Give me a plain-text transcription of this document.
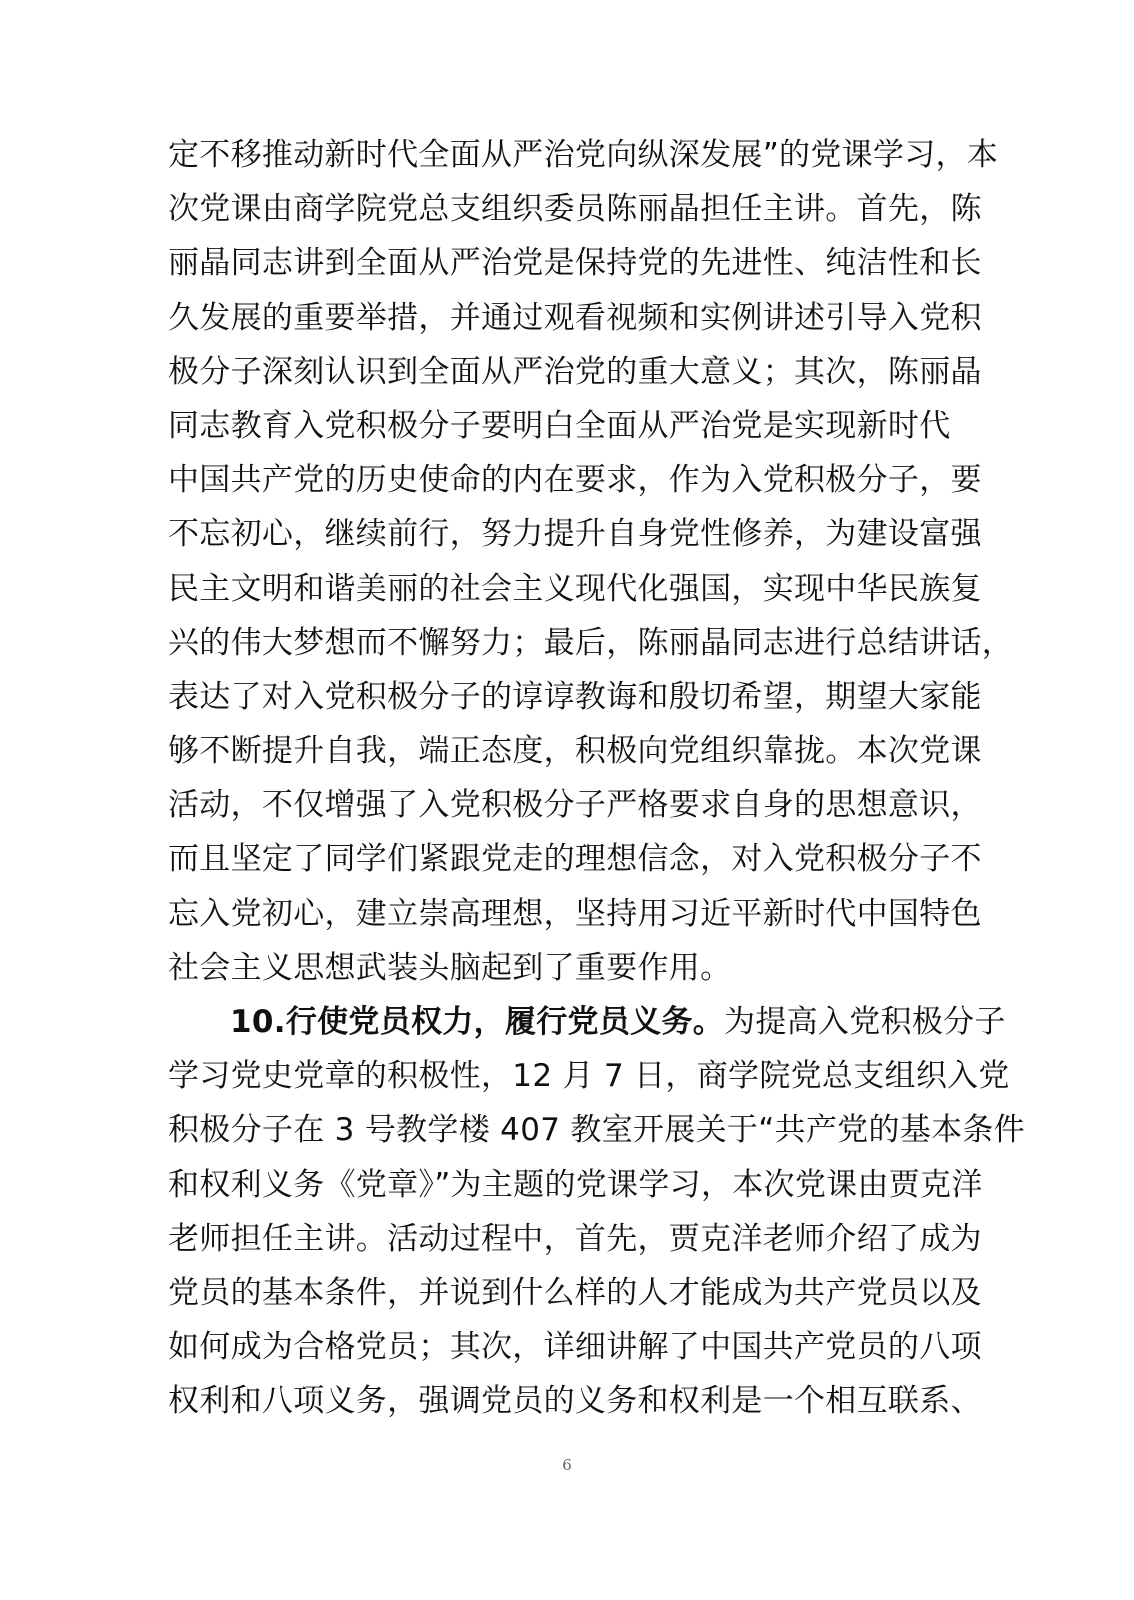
定不移推动新时代全面从严治党向纵深发展”的党课学习，本
次党课由商学院党总支组织委员陈丽晶担任主讲。首先，陈
丽晶同志讲到全面从严治党是保持党的先进性、纯洁性和长
久发展的重要举措，并通过观看视频和实例讲述引导入党积
极分子深刻认识到全面从严治党的重大意义；其次，陈丽晶
同志教育入党积极分子要明白全面从严治党是实现新时代
中国共产党的历史使命的内在要求，作为入党积极分子，要
不忘初心，继续前行，努力提升自身党性修养，为建设富强
民主文明和谐美丽的社会主义现代化强国，实现中华民族复
兴的伟大梦想而不懈努力；最后，陈丽晶同志进行总结讲话，
表达了对入党积极分子的谆谆教诲和殷切希望，期望大家能
够不断提升自我，端正态度，积极向党组织靠拢。本次党课
活动，不仅增强了入党积极分子严格要求自身的思想意识，
而且坚定了同学们紧跟党走的理想信念，对入党积极分子不
忘入党初心，建立崇高理想，坚持用习近平新时代中国特色
社会主义思想武装头脑起到了重要作用。
10.行使党员权力，履行党员义务。为提高入党积极分子
学习党史党章的积极性，12 月 7 日，商学院党总支组织入党
积极分子在 3 号教学楼 407 教室开展关于“共产党的基本条件
和权利义务《党章》”为主题的党课学习，本次党课由贾克洋
老师担任主讲。活动过程中，首先，贾克洋老师介绍了成为
党员的基本条件，并说到什么样的人才能成为共产党员以及
如何成为合格党员；其次，详细讲解了中国共产党员的八项
权利和八项义务，强调党员的义务和权利是一个相互联系、
6
